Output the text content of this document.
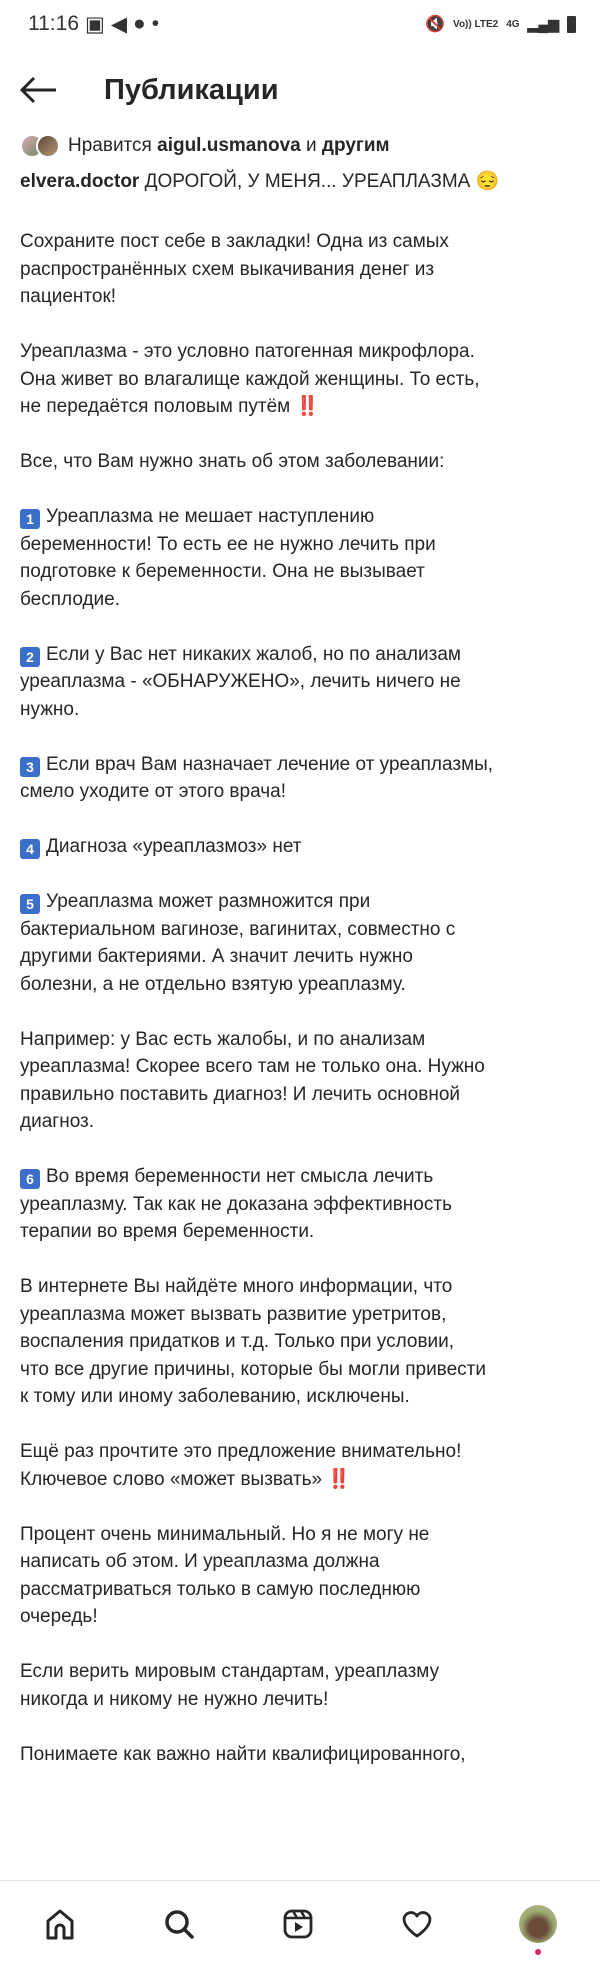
11:16 ▣ ◀ ● •	🔇 Vo)) LTE2 4G ▂▄▆
Публикации
Нравится
aigul.usmanova
и
другим
elvera.doctor ДОРОГОЙ, У МЕНЯ... УРЕАПЛАЗМА 😔
Сохраните пост себе в закладки! Одна из самых
распространённых схем выкачивания денег из
пациенток!
Уреаплазма - это условно патогенная микрофлора.
Она живет во влагалище каждой женщины. То есть,
не передаётся половым путём ‼️
Все, что Вам нужно знать об этом заболевании:
1 Уреаплазма не мешает наступлению
беременности! То есть ее не нужно лечить при
подготовке к беременности. Она не вызывает
бесплодие.
2 Если у Вас нет никаких жалоб, но по анализам
уреаплазма - «ОБНАРУЖЕНО», лечить ничего не
нужно.
3 Если врач Вам назначает лечение от уреаплазмы,
смело уходите от этого врача!
4 Диагноза «уреаплазмоз» нет
5 Уреаплазма может размножится при
бактериальном вагинозе, вагинитах, совместно с
другими бактериями. А значит лечить нужно
болезни, а не отдельно взятую уреаплазму.
Например: у Вас есть жалобы, и по анализам
уреаплазма! Скорее всего там не только она. Нужно
правильно поставить диагноз! И лечить основной
диагноз.
6 Во время беременности нет смысла лечить
уреаплазму. Так как не доказана эффективность
терапии во время беременности.
В интернете Вы найдёте много информации, что
уреаплазма может вызвать развитие уретритов,
воспаления придатков и т.д. Только при условии,
что все другие причины, которые бы могли привести
к тому или иному заболеванию, исключены.
Ещё раз прочтите это предложение внимательно!
Ключевое слово «может вызвать» ‼️
Процент очень минимальный. Но я не могу не
написать об этом. И уреаплазма должна
рассматриваться только в самую последнюю
очередь!
Если верить мировым стандартам, уреаплазму
никогда и никому не нужно лечить!
Понимаете как важно найти квалифицированного,
